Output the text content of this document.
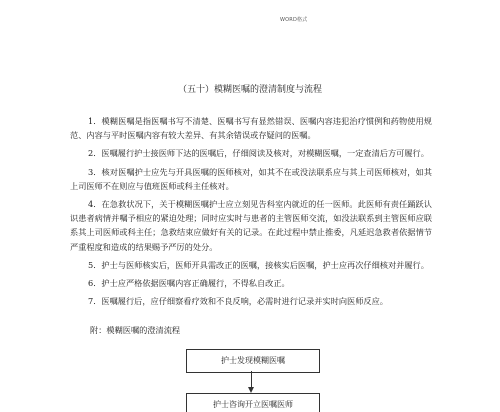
WORD格式
（五十）模糊医嘱的澄清制度与流程

1．模糊医嘱是指医嘱书写不清楚、医嘱书写有显然错误、医嘱内容违犯治疗惯例和药物使用规范、内容与平时医嘱内容有较大差异、有其余错误或存疑问的医嘱。

2．医嘱履行护士接医师下达的医嘱后，仔细阅读及核对，对模糊医嘱，一定查清后方可履行。

3．核对医嘱护士应先与开具医嘱的医师核对，如其不在或没法联系应与其上司医师核对，如其上司医师不在则应与值班医师或科主任核对。

4．在急救状况下，关于模糊医嘱护士应立刻见告科室内就近的任一医师。此医师有责任踊跃认识患者病情并嘱予相应的紧迫处理；同时应实时与患者的主管医师交流，如没法联系到主管医师应联系其上司医师或科主任；急救结束应做好有关的记录。在此过程中禁止推委，凡延迟急救者依据情节严重程度和造成的结果赐予严厉的处分。

5．护士与医师核实后，医师开具需改正的医嘱，接核实后医嘱，护士应再次仔细核对并履行。

6．护士应严格依据医嘱内容正确履行，不得私自改正。

7．医嘱履行后，应仔细察看疗效和不良反响，必需时进行记录并实时向医师反应。

附：模糊医嘱的澄清流程
护士发现模糊医嘱
护士咨询开立医嘱医师
